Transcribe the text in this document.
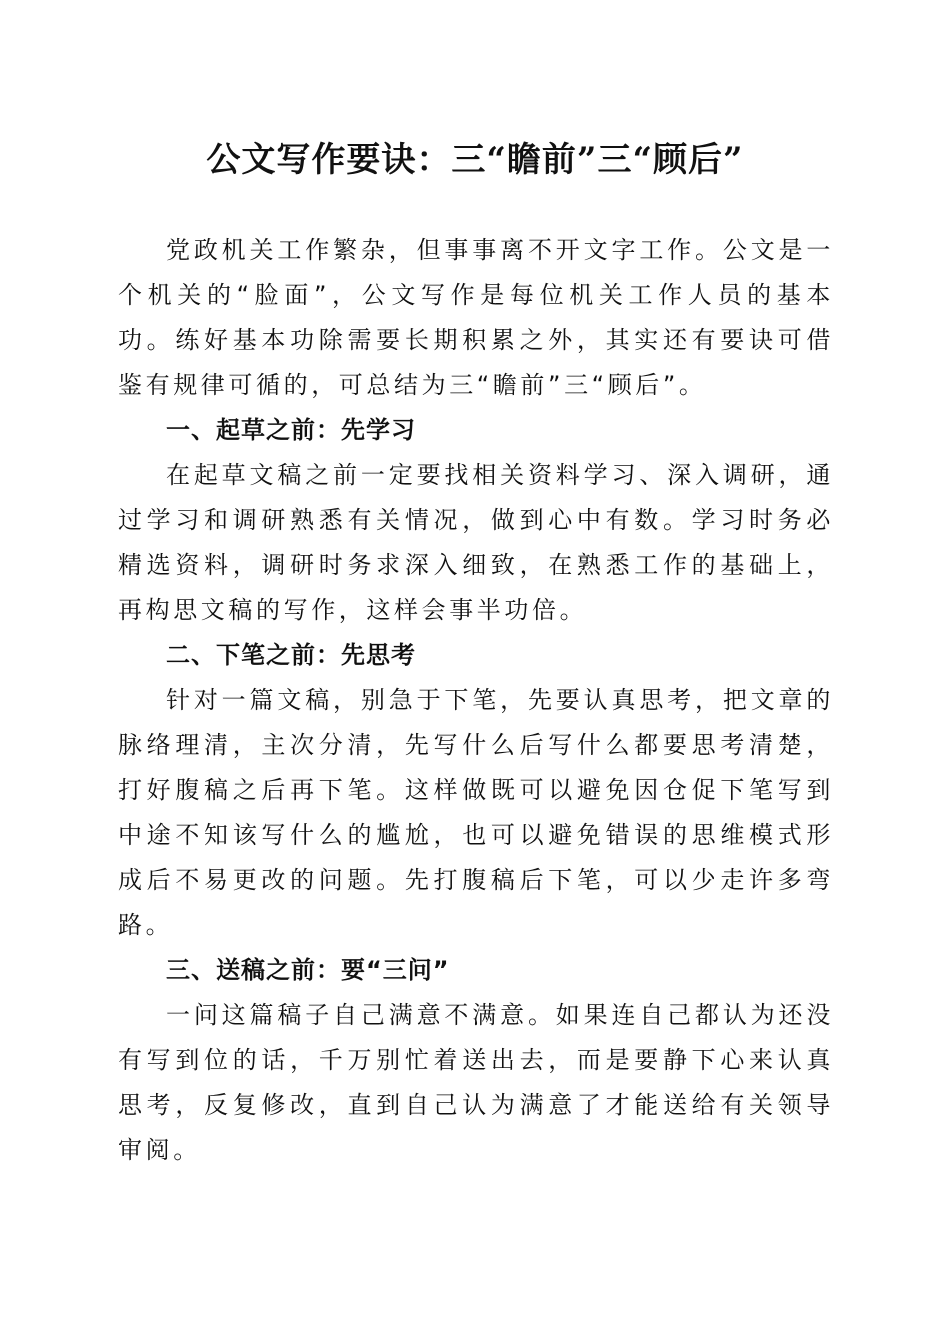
公文写作要诀：三“瞻前”三“顾后”

党政机关工作繁杂，但事事离不开文字工作。公文是一个机关的“脸面”，公文写作是每位机关工作人员的基本功。练好基本功除需要长期积累之外，其实还有要诀可借鉴有规律可循的，可总结为三“瞻前”三“顾后”。

一、起草之前：先学习

在起草文稿之前一定要找相关资料学习、深入调研，通过学习和调研熟悉有关情况，做到心中有数。学习时务必精选资料，调研时务求深入细致，在熟悉工作的基础上，再构思文稿的写作，这样会事半功倍。

二、下笔之前：先思考

针对一篇文稿，别急于下笔，先要认真思考，把文章的脉络理清，主次分清，先写什么后写什么都要思考清楚，打好腹稿之后再下笔。这样做既可以避免因仓促下笔写到中途不知该写什么的尴尬，也可以避免错误的思维模式形成后不易更改的问题。先打腹稿后下笔，可以少走许多弯路。

三、送稿之前：要“三问”

一问这篇稿子自己满意不满意。如果连自己都认为还没有写到位的话，千万别忙着送出去，而是要静下心来认真思考，反复修改，直到自己认为满意了才能送给有关领导审阅。
